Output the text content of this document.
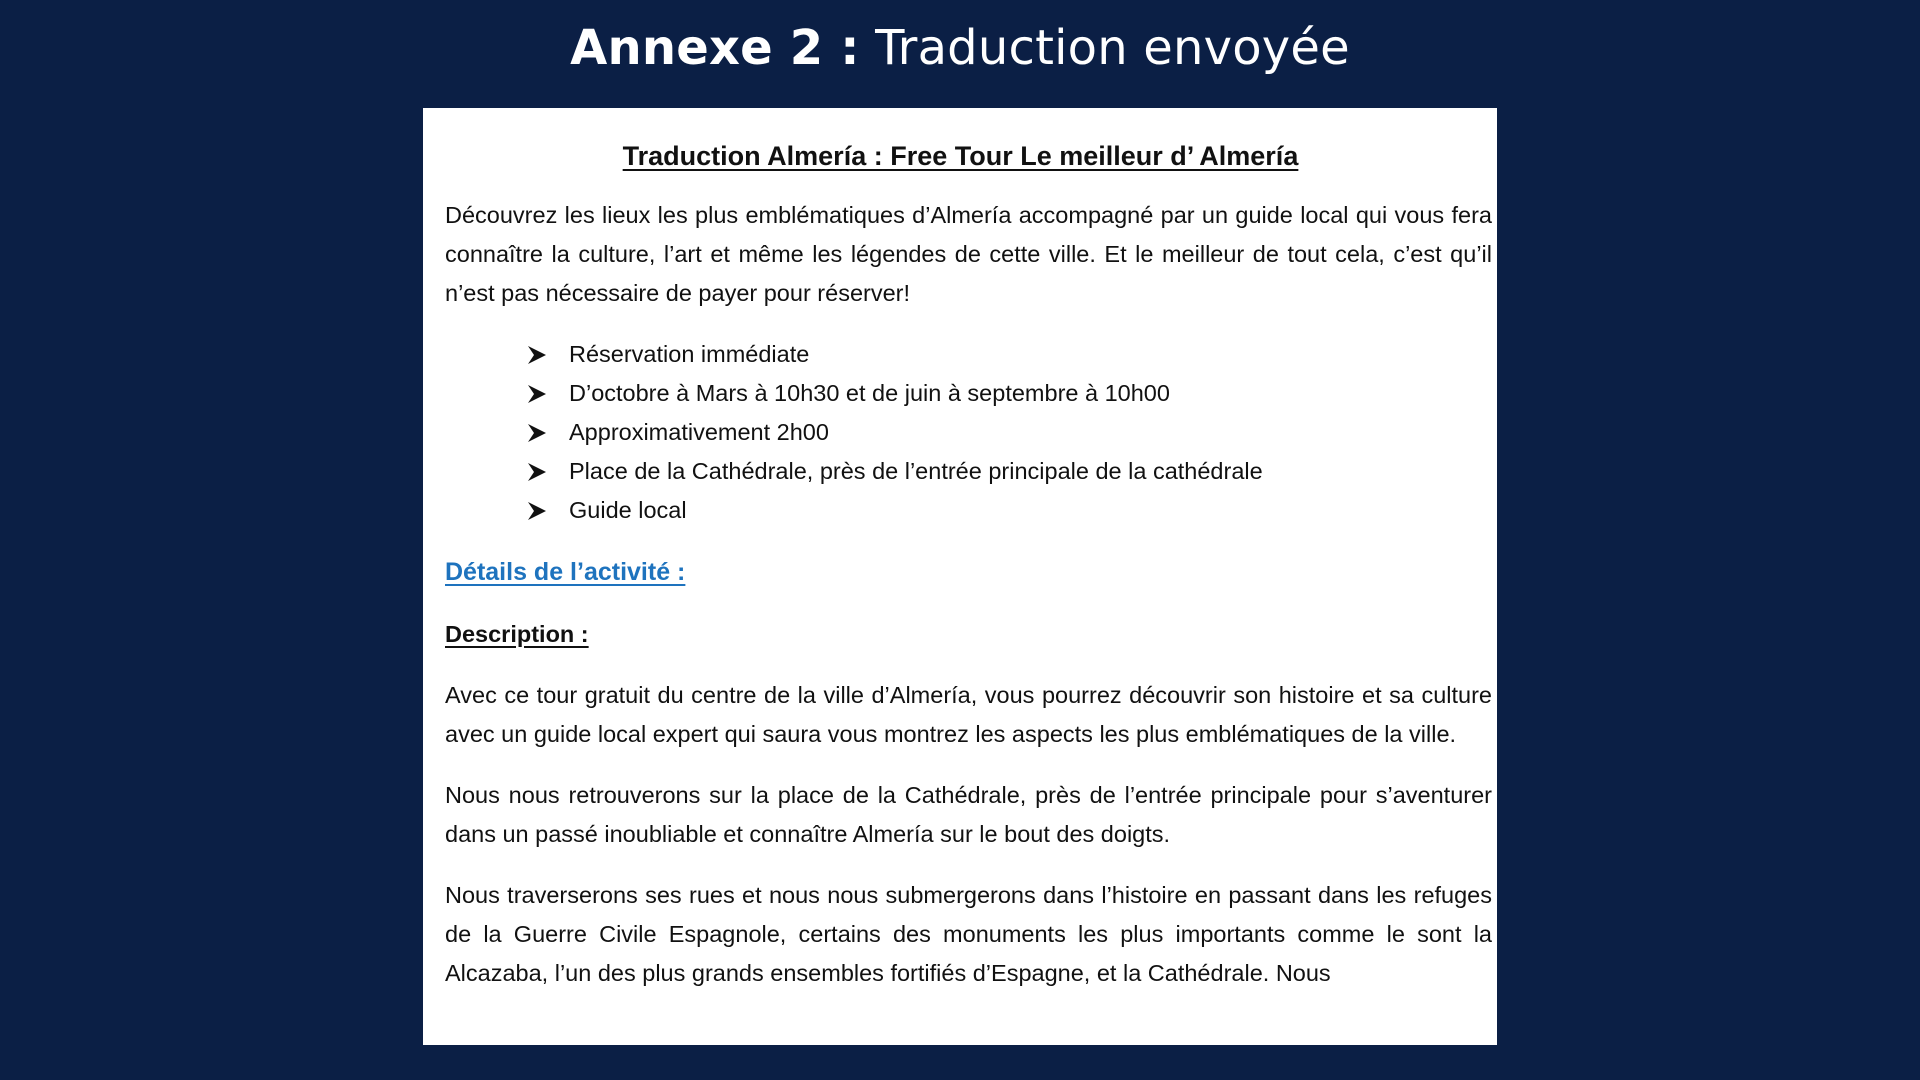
Annexe 2 : Traduction envoyée
Traduction Almería : Free Tour Le meilleur d’ Almería

Découvrez les lieux les plus emblématiques d’Almería accompagné par un guide local qui vous fera connaître la culture, l’art et même les légendes de cette ville. Et le meilleur de tout cela, c’est qu’il n’est pas nécessaire de payer pour réserver!

Réservation immédiate
D’octobre à Mars à 10h30 et de juin à septembre à 10h00
Approximativement 2h00
Place de la Cathédrale, près de l’entrée principale de la cathédrale
Guide local
Détails de l’activité :
Description :

Avec ce tour gratuit du centre de la ville d’Almería, vous pourrez découvrir son histoire et sa culture avec un guide local expert qui saura vous montrez les aspects les plus emblématiques de la ville.

Nous nous retrouverons sur la place de la Cathédrale, près de l’entrée principale pour s’aventurer dans un passé inoubliable et connaître Almería sur le bout des doigts.

Nous traverserons ses rues et nous nous submergerons dans l’histoire en passant dans les refuges de la Guerre Civile Espagnole, certains des monuments les plus importants comme le sont la Alcazaba, l’un des plus grands ensembles fortifiés d’Espagne, et la Cathédrale. Nous
